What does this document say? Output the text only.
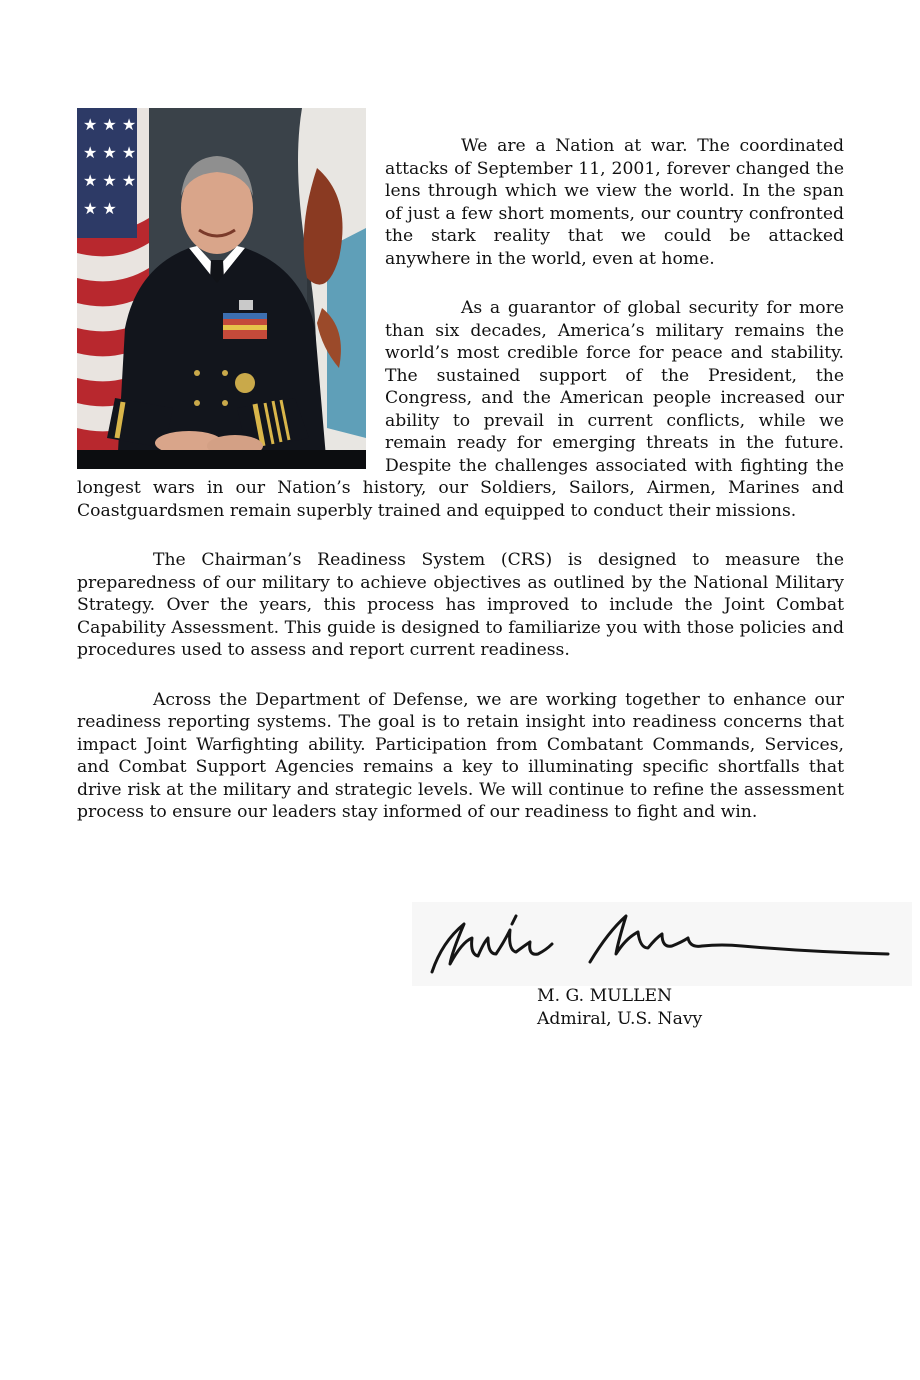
★ ★ ★
★ ★ ★
★ ★ ★
★ ★

We are a Nation at war. The coordinated attacks of September 11, 2001, forever changed the lens through which we view the world. In the span of just a few short moments, our country confronted the stark reality that we could be attacked anywhere in the world, even at home.

As a guarantor of global security for more than six decades, America’s military remains the world’s most credible force for peace and stability. The sustained support of the President, the Congress, and the American people increased our ability to prevail in current conflicts, while we remain ready for emerging threats in the future. Despite the challenges associated with fighting the longest wars in our Nation’s history, our Soldiers, Sailors, Airmen, Marines and Coastguardsmen remain superbly trained and equipped to conduct their missions.

The Chairman’s Readiness System (CRS) is designed to measure the preparedness of our military to achieve objectives as outlined by the National Military Strategy. Over the years, this process has improved to include the Joint Combat Capability Assessment. This guide is designed to familiarize you with those policies and procedures used to assess and report current readiness.

Across the Department of Defense, we are working together to enhance our readiness reporting systems. The goal is to retain insight into readiness concerns that impact Joint Warfighting ability. Participation from Combatant Commands, Services, and Combat Support Agencies remains a key to illuminating specific shortfalls that drive risk at the military and strategic levels. We will continue to refine the assessment process to ensure our leaders stay informed of our readiness to fight and win.

M. G. MULLEN
Admiral, U.S. Navy
